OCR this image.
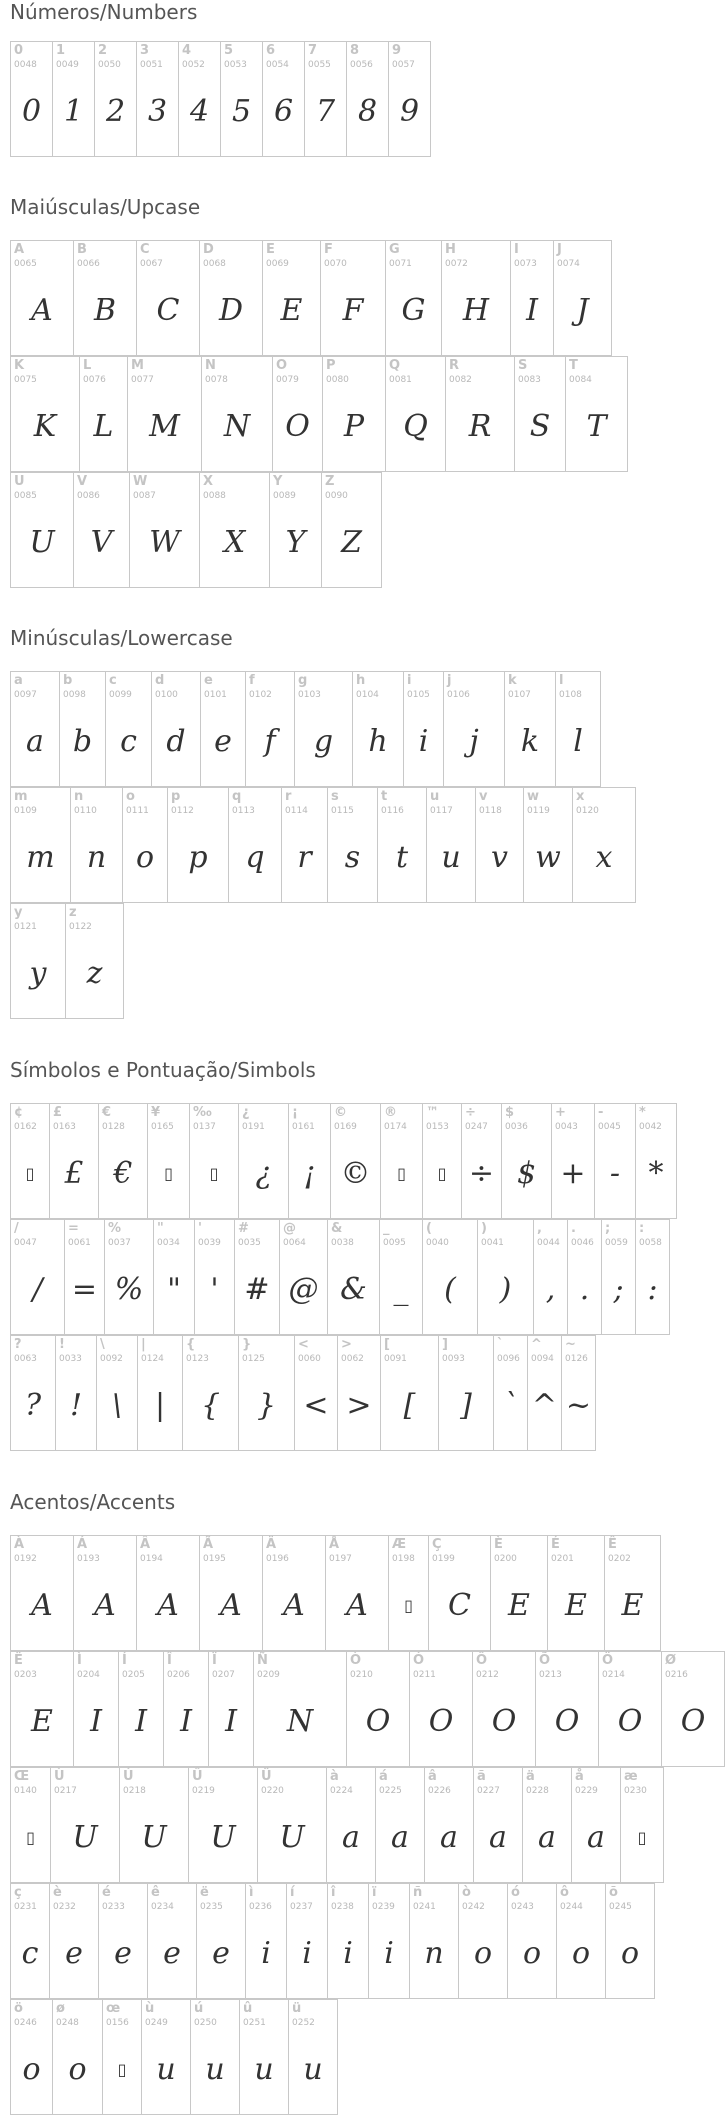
Números/Numbers
Maiúsculas/Upcase
Minúsculas/Lowercase
Símbolos e Pontuação/Simbols
Acentos/Accents
0
0048
0
1
0049
1
2
0050
2
3
0051
3
4
0052
4
5
0053
5
6
0054
6
7
0055
7
8
0056
8
9
0057
9
A
0065
A
B
0066
B
C
0067
C
D
0068
D
E
0069
E
F
0070
F
G
0071
G
H
0072
H
I
0073
I
J
0074
J
K
0075
K
L
0076
L
M
0077
M
N
0078
N
O
0079
O
P
0080
P
Q
0081
Q
R
0082
R
S
0083
S
T
0084
T
U
0085
U
V
0086
V
W
0087
W
X
0088
X
Y
0089
Y
Z
0090
Z
a
0097
a
b
0098
b
c
0099
c
d
0100
d
e
0101
e
f
0102
f
g
0103
g
h
0104
h
i
0105
i
j
0106
j
k
0107
k
l
0108
l
m
0109
m
n
0110
n
o
0111
o
p
0112
p
q
0113
q
r
0114
r
s
0115
s
t
0116
t
u
0117
u
v
0118
v
w
0119
w
x
0120
x
y
0121
y
z
0122
z
¢
0162
▯
£
0163
£
€
0128
€
¥
0165
▯
‰
0137
▯
¿
0191
¿
¡
0161
¡
©
0169
©
®
0174
▯
™
0153
▯
÷
0247
÷
$
0036
$
+
0043
+
-
0045
-
*
0042
*
/
0047
/
=
0061
=
%
0037
%
"
0034
"
'
0039
'
#
0035
#
@
0064
@
&
0038
&
_
0095
_
(
0040
(
)
0041
)
,
0044
,
.
0046
.
;
0059
;
:
0058
:
?
0063
?
!
0033
!
\
0092
\
|
0124
|
{
0123
{
}
0125
}
<
0060
<
>
0062
>
[
0091
[
]
0093
]
`
0096
`
^
0094
^
~
0126
~
À
0192
A
Á
0193
A
Â
0194
A
Ã
0195
A
Ä
0196
A
Å
0197
A
Æ
0198
▯
Ç
0199
C
È
0200
E
É
0201
E
Ê
0202
E
Ë
0203
E
Ì
0204
I
Í
0205
I
Î
0206
I
Ï
0207
I
Ñ
0209
N
Ò
0210
O
Ó
0211
O
Ô
0212
O
Õ
0213
O
Ö
0214
O
Ø
0216
O
Œ
0140
▯
Ù
0217
U
Ú
0218
U
Û
0219
U
Ü
0220
U
à
0224
a
á
0225
a
â
0226
a
ã
0227
a
ä
0228
a
å
0229
a
æ
0230
▯
ç
0231
c
è
0232
e
é
0233
e
ê
0234
e
ë
0235
e
ì
0236
i
í
0237
i
î
0238
i
ï
0239
i
ñ
0241
n
ò
0242
o
ó
0243
o
ô
0244
o
õ
0245
o
ö
0246
o
ø
0248
o
œ
0156
▯
ù
0249
u
ú
0250
u
û
0251
u
ü
0252
u
